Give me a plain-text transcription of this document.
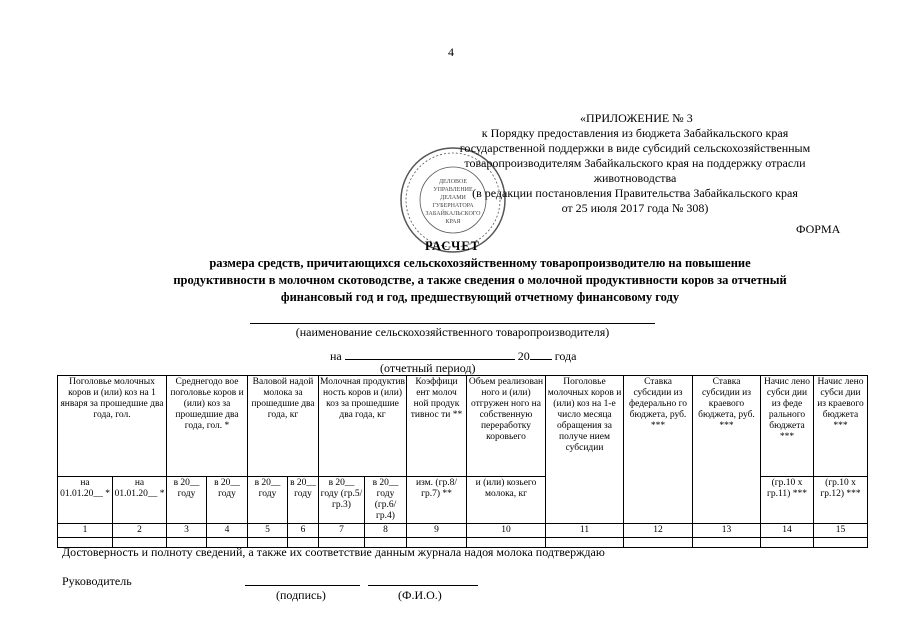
4
ДЕЛОВОЕ
УПРАВЛЕНИЕ
ДЕЛАМИ
ГУБЕРНАТОРА
ЗАБАЙКАЛЬСКОГО
КРАЯ
«ПРИЛОЖЕНИЕ № 3
к Порядку предоставления из бюджета Забайкальского края
государственной поддержки в виде субсидий сельскохозяйственным
товаропроизводителям Забайкальского края на поддержку отрасли
животноводства
(в редакции постановления Правительства Забайкальского края
от 25 июля 2017 года № 308)
ФОРМА
РАСЧЕТ
размера средств, причитающихся сельскохозяйственному товаропроизводителю на повышение
продуктивности в молочном скотоводстве, а также сведения о молочной продуктивности коров за отчетный
финансовый год и год, предшествующий отчетному финансовому году
(наименование сельскохозяйственного товаропроизводителя)
на	20 года
(отчетный период)
Поголовье молочных коров и (или) коз на 1 января за прошедшие два года, гол.		Среднегодо вое поголовье коров и (или) коз за прошедшие два года, гол. *		Валовой надой молока за прошедшие два года, кг		Молочная продуктив ность коров и (или) коз за прошедшие два года, кг		Коэффици ент молоч ной продук тивнос ти **	Объем реализован ного и (или) отгружен ного на собственную переработку коровьего	Поголовье молочных коров и (или) коз на 1-е число месяца обращения за получе нием субсидии	Ставка субсидии из федерально го бюджета, руб. ***	Ставка субсидии из краевого бюджета, руб. ***	Начис лено субси дии из феде рального бюджета ***	Начис лено субси дии из краевого бюджета ***
на 01.01.20__ *	на 01.01.20__ *	в 20__ году	в 20__ году	в 20__ году	в 20__ году	в 20__ году (гр.5/гр.3)	в 20__ году (гр.6/гр.4)	изм. (гр.8/ гр.7) **	и (или) козьего молока, кг				(гр.10 х гр.11) ***	(гр.10 х гр.12) ***
1	2	3	4	5	6	7	8	9	10	11	12	13	14	15

Достоверность и полноту сведений, а также их соответствие данным журнала надоя молока подтверждаю
Руководитель
(подпись)	(Ф.И.О.)
